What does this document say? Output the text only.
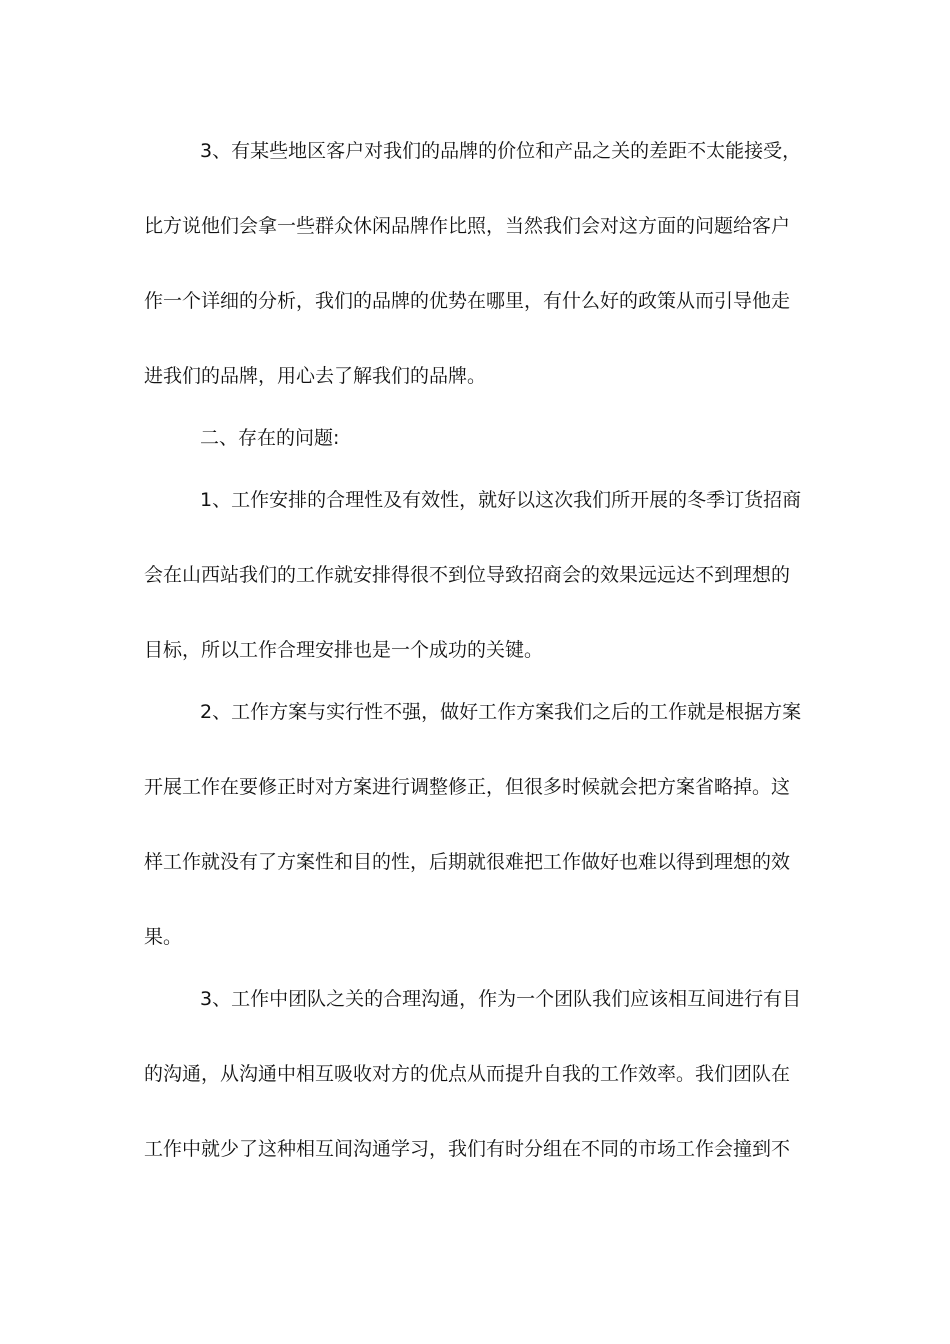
3、有某些地区客户对我们的品牌的价位和产品之关的差距不太能接受，
比方说他们会拿一些群众休闲品牌作比照，当然我们会对这方面的问题给客户
作一个详细的分析，我们的品牌的优势在哪里，有什么好的政策从而引导他走
进我们的品牌，用心去了解我们的品牌。
二、存在的问题:
1、工作安排的合理性及有效性，就好以这次我们所开展的冬季订货招商
会在山西站我们的工作就安排得很不到位导致招商会的效果远远达不到理想的
目标，所以工作合理安排也是一个成功的关键。
2、工作方案与实行性不强，做好工作方案我们之后的工作就是根据方案
开展工作在要修正时对方案进行调整修正，但很多时候就会把方案省略掉。这
样工作就没有了方案性和目的性，后期就很难把工作做好也难以得到理想的效
果。
3、工作中团队之关的合理沟通，作为一个团队我们应该相互间进行有目
的沟通，从沟通中相互吸收对方的优点从而提升自我的工作效率。我们团队在
工作中就少了这种相互间沟通学习，我们有时分组在不同的市场工作会撞到不
